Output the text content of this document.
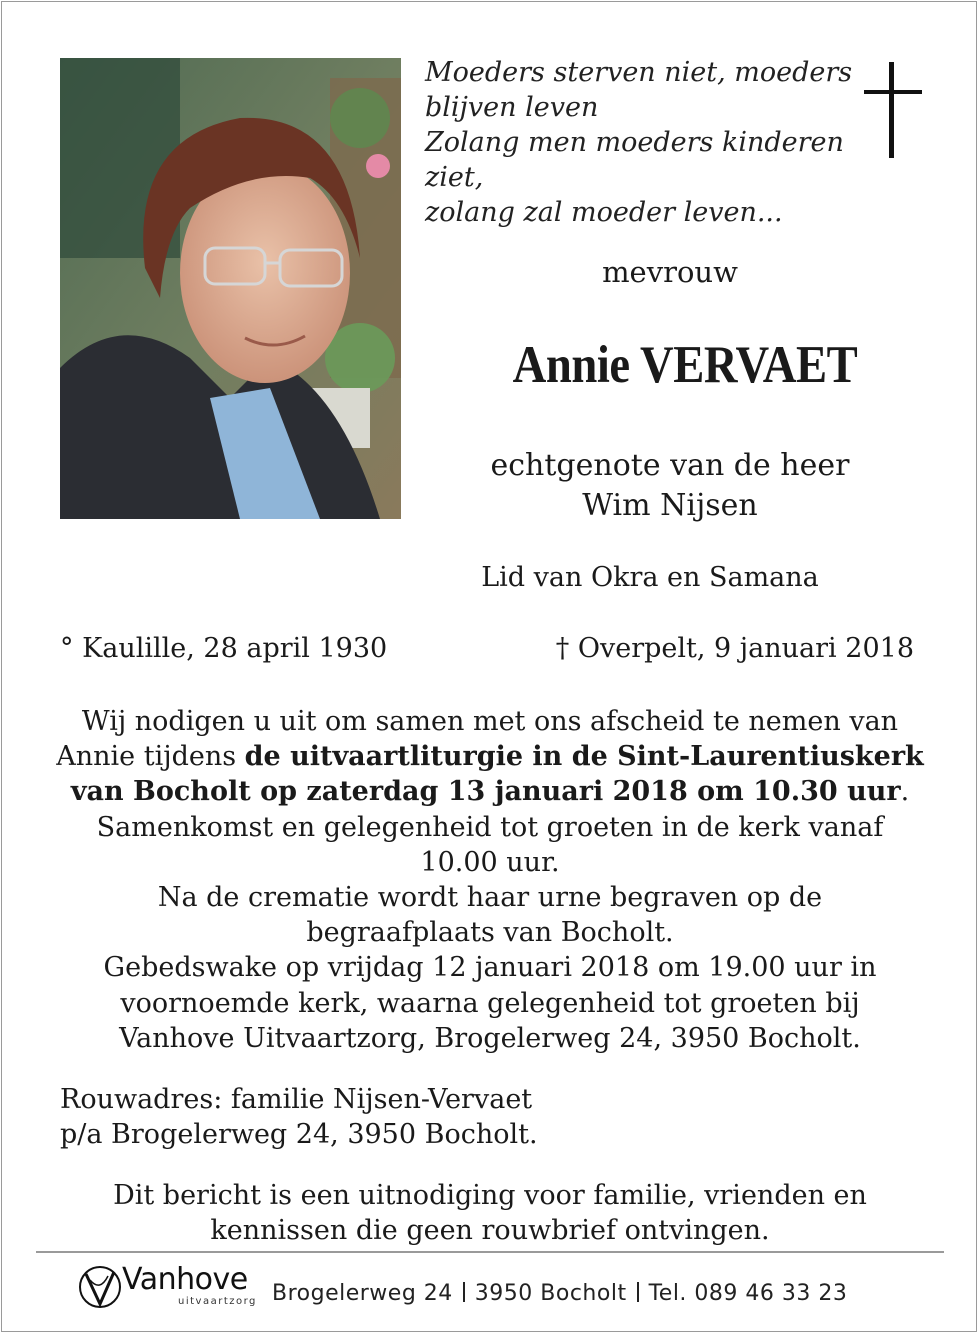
Moeders sterven niet, moeders
blijven leven
Zolang men moeders kinderen
ziet,
zolang zal moeder leven...
mevrouw
Annie VERVAET
echtgenote van de heer
Wim Nijsen
Lid van Okra en Samana
° Kaulille, 28 april 1930	† Overpelt, 9 januari 2018
Wij nodigen u uit om samen met ons afscheid te nemen van
Annie tijdens de uitvaartliturgie in de Sint-Laurentiuskerk
van Bocholt op zaterdag 13 januari 2018 om 10.30 uur.
Samenkomst en gelegenheid tot groeten in de kerk vanaf
10.00 uur.
Na de crematie wordt haar urne begraven op de
begraafplaats van Bocholt.
Gebedswake op vrijdag 12 januari 2018 om 19.00 uur in
voornoemde kerk, waarna gelegenheid tot groeten bij
Vanhove Uitvaartzorg, Brogelerweg 24, 3950 Bocholt.
Rouwadres: familie Nijsen-Vervaet
p/a Brogelerweg 24, 3950 Bocholt.
Dit bericht is een uitnodiging voor familie, vrienden en
kennissen die geen rouwbrief ontvingen.
Vanhove
uitvaartzorg Brogelerweg 24 3950 Bocholt Tel. 089 46 33 23
